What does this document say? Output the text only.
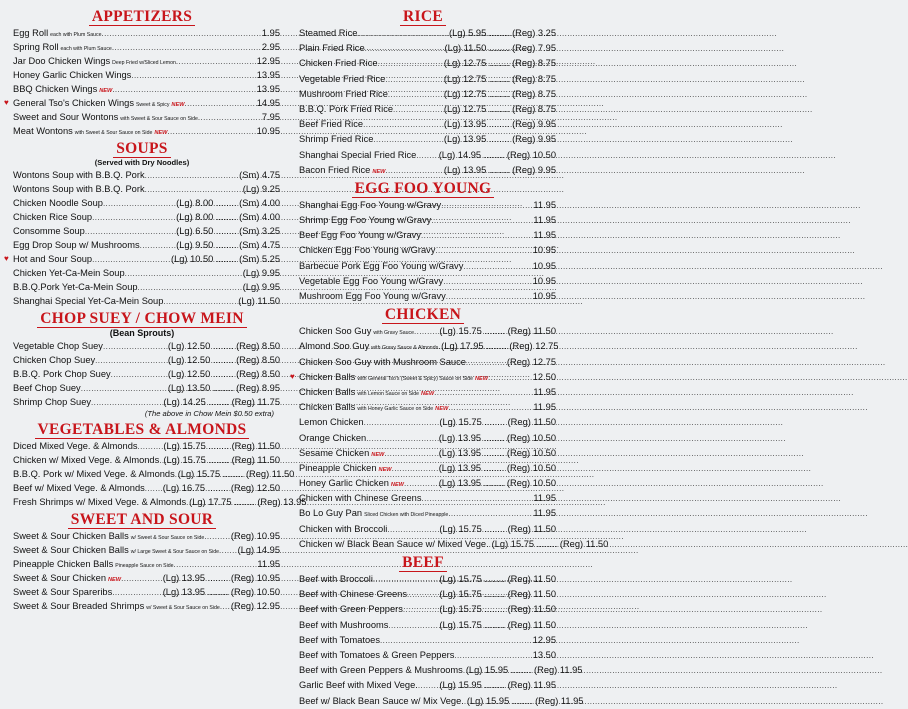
APPETIZERS
Egg Roll each with Plum Sauce .....	1.95
Spring Roll each with Plum Sauce .....	2.95
Jar Doo Chicken Wings Deep Fried w/Sliced Lemon .....	12.95
Honey Garlic Chicken Wings .....	13.95
BBQ Chicken Wings NEW .....	13.95
♥ General Tso's Chicken Wings Sweet & Spicy NEW .....	14.95
Sweet and Sour Wontons with Sweet & Sour Sauce on Side .....	7.95
Meat Wontons with Sweet & Sour Sauce on Side NEW .....	10.95
SOUPS
(Served with Dry Noodles)
Wontons Soup with B.B.Q. Pork .....	(Sm) 4.75
Wontons Soup with B.B.Q. Pork .....	(Lg) 9.25
Chicken Noodle Soup .....	(Lg) 8.00 ........ (Sm) 4.00
Chicken Rice Soup .....	(Lg) 8.00 ........ (Sm) 4.00
Consomme Soup .....	(Lg) 6.50 ........ (Sm) 3.25
Egg Drop Soup w/ Mushrooms .....	(Lg) 9.50 ........ (Sm) 4.75
♥ Hot and Sour Soup .....	(Lg) 10.50 ........ (Sm) 5.25
Chicken Yet-Ca-Mein Soup .....	(Lg) 9.95
B.B.Q.Pork Yet-Ca-Mein Soup .....	(Lg) 9.95
Shanghai Special Yet-Ca-Mein Soup .....	(Lg) 11.50
CHOP SUEY / CHOW MEIN
(Bean Sprouts)
Vegetable Chop Suey .....	(Lg) 12.50 ........ (Reg) 8.50
Chicken Chop Suey .....	(Lg) 12.50 ........ (Reg) 8.50
B.B.Q. Pork Chop Suey .....	(Lg) 12.50 ........ (Reg) 8.50
Beef Chop Suey .....	(Lg) 13.50 ........ (Reg) 8.95
Shrimp Chop Suey .....	(Lg) 14.25 ........ (Reg) 11.75
(The above in Chow Mein $0.50 extra)
VEGETABLES & ALMONDS
Diced Mixed Vege. & Almonds .....	(Lg) 15.75 ........ (Reg) 11.50
Chicken w/ Mixed Vege. & Almonds ..... (Lg) 15.75 ........ (Reg) 11.50
B.B.Q. Pork w/ Mixed Vege. & Almonds ..... (Lg) 15.75 ........ (Reg) 11.50
Beef w/ Mixed Vege. & Almonds ..... (Lg) 16.75 ........ (Reg) 12.50
Fresh Shrimps w/ Mixed Vege. & Almonds ..... (Lg) 17.75 ........ (Reg) 13.95
SWEET AND SOUR
Sweet & Sour Chicken Balls w/ Sweet & Sour Sauce on Side .....	(Reg) 10.95
Sweet & Sour Chicken Balls w/ Large Sweet & Sour Sauce on Side ..... (Lg) 14.95
Pineapple Chicken Balls Pineapple Sauce on Side .....	11.95
Sweet & Sour Chicken NEW .....	(Lg) 13.95 ........ (Reg) 10.95
Sweet & Sour Spareribs .....	(Lg) 13.95 ........ (Reg) 10.50
Sweet & Sour Breaded Shrimps w/ Sweet & Sour Sauce on Side ..... (Reg) 12.95
RICE
Steamed Rice .....	(Lg) 5.95 ........ (Reg) 3.25
Plain Fried Rice .....	(Lg) 11.50 ........ (Reg) 7.95
Chicken Fried Rice .....	(Lg) 12.75 ........ (Reg) 8.75
Vegetable Fried Rice .....	(Lg) 12.75 ........ (Reg) 8.75
Mushroom Fried Rice .....	(Lg) 12.75 ........ (Reg) 8.75
B.B.Q. Pork Fried Rice .....	(Lg) 12.75 ........ (Reg) 8.75
Beef Fried Rice .....	(Lg) 13.95 ........ (Reg) 9.95
Shrimp Fried Rice .....	(Lg) 13.95 ........ (Reg) 9.95
Shanghai Special Fried Rice ..... (Lg) 14.95 ........ (Reg) 10.50
Bacon Fried Rice NEW .....	(Lg) 13.95 ........ (Reg) 9.95
EGG FOO YOUNG
Shanghai Egg Foo Young w/Gravy .....	11.95
Shrimp Egg Foo Young w/Gravy .....	11.95
Beef Egg Foo Young w/Gravy .....	11.95
Chicken Egg Foo Young w/Gravy .....	10.95
Barbecue Pork Egg Foo Young w/Gravy .....	10.95
Vegetable Egg Foo Young w/Gravy .....	10.95
Mushroom Egg Foo Young w/Gravy .....	10.95
CHICKEN
Chicken Soo Guy with Gravy Sauce .....	(Lg) 15.75 ........ (Reg) 11.50
Almond Soo Guy with Gravy Sauce & Almonds ..... (Lg) 17.95 ........ (Reg) 12.75
Chicken Soo Guy with Mushroom Sauce .....	(Reg) 12.75
♥ Chicken Balls with General Tso's (Sweet & Spicy) Sauce on Side NEW .....	12.50
Chicken Balls with Lemon Sauce on Side NEW .....	11.95
Chicken Balls with Honey Garlic Sauce on Side NEW .....	11.95
Lemon Chicken .....	(Lg) 15.75 ........ (Reg) 11.50
Orange Chicken .....	(Lg) 13.95 ........ (Reg) 10.50
Sesame Chicken NEW .....	(Lg) 13.95 ........ (Reg) 10.50
Pineapple Chicken NEW .....	(Lg) 13.95 ........ (Reg) 10.50
Honey Garlic Chicken NEW .....	(Lg) 13.95 ........ (Reg) 10.50
Chicken with Chinese Greens .....	11.95
Bo Lo Guy Pan Sliced Chicken with Diced Pineapple .....	11.95
Chicken with Broccoli .....	(Lg) 15.75 ........ (Reg) 11.50
Chicken w/ Black Bean Sauce w/ Mixed Vege. ..... (Lg) 15.75 ........ (Reg) 11.50
BEEF
Beef with Broccoli .....	(Lg) 15.75 ........ (Reg) 11.50
Beef with Chinese Greens .....	(Lg) 15.75 ........ (Reg) 11.50
Beef with Green Peppers .....	(Lg) 15.75 ........ (Reg) 11.50
Beef with Mushrooms .....	(Lg) 15.75 ........ (Reg) 11.50
Beef with Tomatoes .....	12.95
Beef with Tomatoes & Green Peppers .....	13.50
Beef with Green Peppers & Mushrooms ..... (Lg) 15.95 ........ (Reg) 11.95
Garlic Beef with Mixed Vege. ..... (Lg) 15.95 ........ (Reg) 11.95
Beef w/ Black Bean Sauce w/ Mix Vege. ..... (Lg) 15.95 ........ (Reg) 11.95
